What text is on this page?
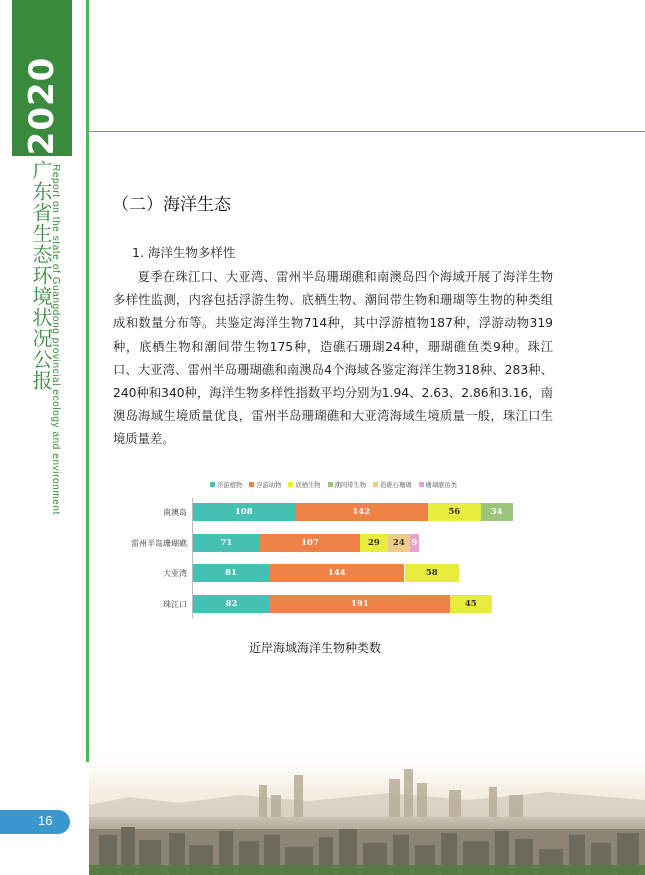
2020
广东省生态环境状况公报
Report on the state of Guangdong provincial ecology and environment
16
（二）海洋生态
1. 海洋生物多样性

夏季在珠江口、大亚湾、雷州半岛珊瑚礁和南澳岛四个海域开展了海洋生物多样性监测，内容包括浮游生物、底栖生物、潮间带生物和珊瑚等生物的种类组成和数量分布等。共鉴定海洋生物714种，其中浮游植物187种，浮游动物319种，底栖生物和潮间带生物175种，造礁石珊瑚24种，珊瑚礁鱼类9种。珠江口、大亚湾、雷州半岛珊瑚礁和南澳岛4个海域各鉴定海洋生物318种、283种、240种和340种，海洋生物多样性指数平均分别为1.94、2.63、2.86和3.16，南澳岛海域生境质量优良，雷州半岛珊瑚礁和大亚湾海域生境质量一般，珠江口生境质量差。

浮游植物 浮游动物 底栖生物 潮间带生物 造礁石珊瑚 珊瑚礁鱼类
南澳岛	108	142	56	34
雷州半岛珊瑚礁	71	107	29	24 9
大亚湾	81	144	58
珠江口	82	191	45
近岸海域海洋生物种类数
